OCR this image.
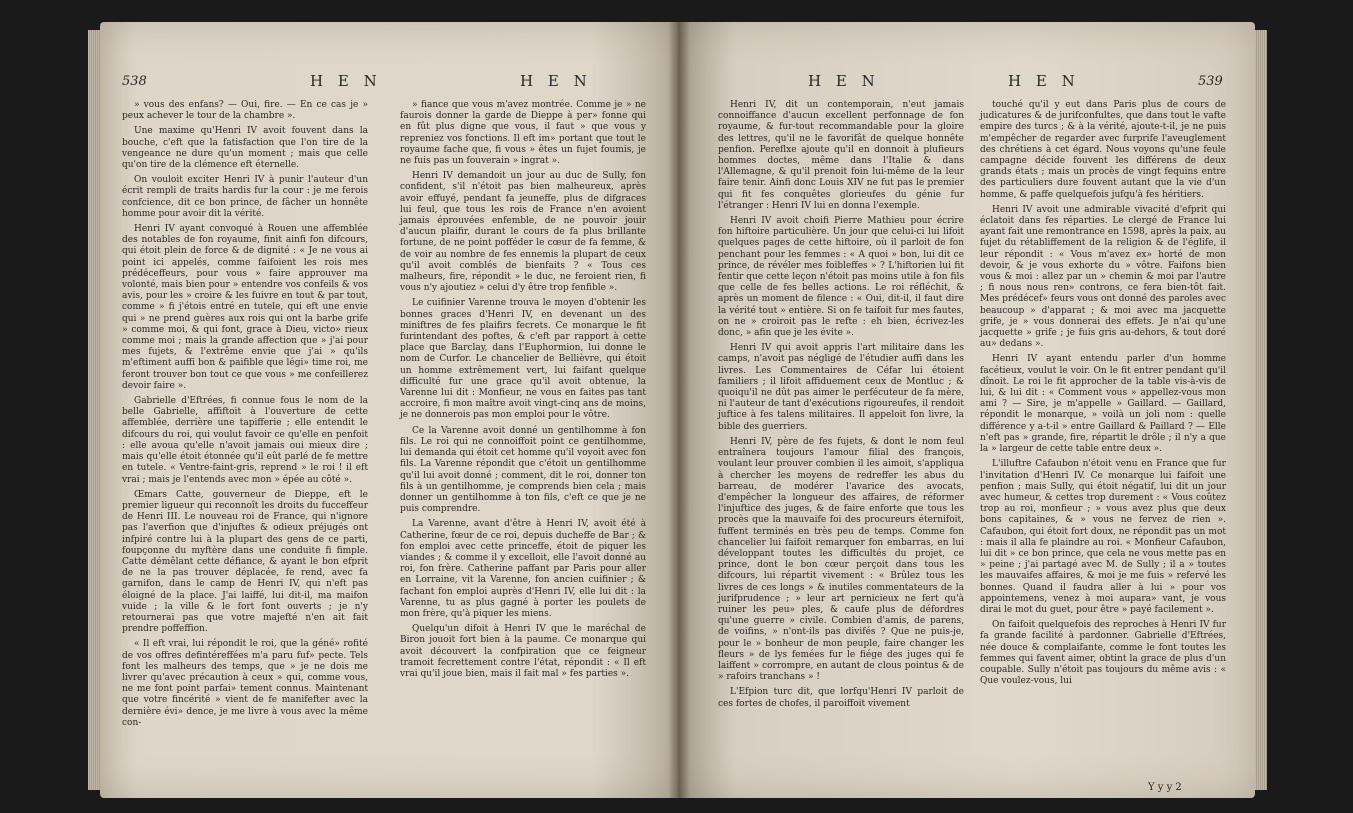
538	H E N	H E N

» vous des enfans? — Oui, fire. — En ce cas je » peux achever le tour de la chambre ».

Une maxime qu'Henri IV avoit fouvent dans la bouche, c'eft que la fatisfaction que l'on tire de la vengeance ne dure qu'un moment ; mais que celle qu'on tire de la clémence eft éternelle.

On vouloit exciter Henri IV à punir l'auteur d'un écrit rempli de traits hardis fur la cour : je me ferois confcience, dit ce bon prince, de fâcher un honnête homme pour avoir dit la vérité.

Henri IV ayant convoqué à Rouen une affemblée des notables de fon royaume, finit ainfi fon difcours, qui étoit plein de force & de dignité : « Je ne vous ai point ici appelés, comme faifoient les rois mes prédéceffeurs, pour vous » faire approuver ma volonté, mais bien pour » entendre vos confeils & vos avis, pour les » croire & les fuivre en tout & par tout, comme » fi j'étois entré en tutele, qui eft une envie qui » ne prend guères aux rois qui ont la barbe grife » comme moi, & qui font, grace à Dieu, victo» rieux comme moi ; mais la grande affection que » j'ai pour mes fujets, & l'extrême envie que j'ai » qu'ils m'eftiment auffi bon & paifible que légi» time roi, me feront trouver bon tout ce que vous » me confeillerez devoir faire ».

Gabrielle d'Eftrées, fi connue fous le nom de la belle Gabrielle, affiftoit à l'ouverture de cette affemblée, derrière une tapifferie ; elle entendit le difcours du roi, qui voulut favoir ce qu'elle en penfoit : elle avoua qu'elle n'avoit jamais oui mieux dire ; mais qu'elle étoit étonnée qu'il eût parlé de fe mettre en tutele. « Ventre-faint-gris, reprend » le roi ! il eft vrai ; mais je l'entends avec mon » épée au côté ».

Œmars Catte, gouverneur de Dieppe, eft le premier ligueur qui reconnoît les droits du fucceffeur de Henri III. Le nouveau roi de France, qui n'ignore pas l'averfion que d'injuftes & odieux préjugés ont infpiré contre lui à la plupart des gens de ce parti, foupçonne du myftère dans une conduite fi fimple. Catte démêlant cette défiance, & ayant le bon efprit de ne la pas trouver déplacée, fe rend, avec fa garnifon, dans le camp de Henri IV, qui n'eft pas éloigné de la place. J'ai laiffé, lui dit-il, ma maifon vuide ; la ville & le fort font ouverts ; je n'y retournerai pas que votre majefté n'en ait fait prendre poffeffion.

« Il eft vrai, lui répondit le roi, que la géné» rofité de vos offres defintéreffées m'a paru fuf» pecte. Tels font les malheurs des temps, que » je ne dois me livrer qu'avec précaution à ceux » qui, comme vous, ne me font point parfai» tement connus. Maintenant que votre fincérité » vient de fe manifefter avec la dernière évi» dence, je me livre à vous avec la même con-

» fiance que vous m'avez montrée. Comme je » ne faurois donner la garde de Dieppe à per» fonne qui en fût plus digne que vous, il faut » que vous y repreniez vos fonctions. Il eft im» portant que tout le royaume fache que, fi vous » êtes un fujet foumis, je ne fuis pas un fouverain » ingrat ».

Henri IV demandoit un jour au duc de Sully, fon confident, s'il n'étoit pas bien malheureux, après avoir effuyé, pendant fa jeuneffe, plus de difgraces lui feul, que tous les rois de France n'en avoient jamais éprouvées enfemble, de ne pouvoir jouir d'aucun plaifir, durant le cours de fa plus brillante fortune, de ne point pofféder le cœur de fa femme, & de voir au nombre de fes ennemis la plupart de ceux qu'il avoit comblés de bienfaits ? « Tous ces malheurs, fire, répondit » le duc, ne feroient rien, fi vous n'y ajoutiez » celui d'y être trop fenfible ».

Le cuifinier Varenne trouva le moyen d'obtenir les bonnes graces d'Henri IV, en devenant un des miniftres de fes plaifirs fecrets. Ce monarque le fit furintendant des poftes, & c'eft par rapport à cette place que Barclay, dans l'Euphormion, lui donne le nom de Curfor. Le chancelier de Bellièvre, qui étoit un homme extrêmement vert, lui faifant quelque difficulté fur une grace qu'il avoit obtenue, la Varenne lui dit : Monfieur, ne vous en faites pas tant accroire, fi mon maître avoit vingt-cinq ans de moins, je ne donnerois pas mon emploi pour le vôtre.

Ce la Varenne avoit donné un gentilhomme à fon fils. Le roi qui ne connoiffoit point ce gentilhomme, lui demanda qui étoit cet homme qu'il voyoit avec fon fils. La Varenne répondit que c'étoit un gentilhomme qu'il lui avoit donné ; comment, dit le roi, donner ton fils à un gentilhomme, je comprends bien cela ; mais donner un gentilhomme à ton fils, c'eft ce que je ne puis comprendre.

La Varenne, avant d'être à Henri IV, avoit été à Catherine, fœur de ce roi, depuis ducheffe de Bar ; & fon emploi avec cette princeffe, étoit de piquer les viandes ; & comme il y excelloit, elle l'avoit donné au roi, fon frère. Catherine paffant par Paris pour aller en Lorraine, vit la Varenne, fon ancien cuifinier ; & fachant fon emploi auprès d'Henri IV, elle lui dit : la Varenne, tu as plus gagné à porter les poulets de mon frère, qu'à piquer les miens.

Quelqu'un difoit à Henri IV que le maréchal de Biron jouoit fort bien à la paume. Ce monarque qui avoit découvert la confpiration que ce feigneur tramoit fecrettement contre l'état, répondit : « Il eft vrai qu'il joue bien, mais il fait mal » fes parties ».

H E N	H E N	539

Henri IV, dit un contemporain, n'eut jamais connoiffance d'aucun excellent perfonnage de fon royaume, & fur-tout recommandable pour la gloire des lettres, qu'il ne le favorifât de quelque honnête penfion. Pereflxe ajoute qu'il en donnoit à plufieurs hommes doctes, même dans l'Italie & dans l'Allemagne, & qu'il prenoit foin lui-même de la leur faire tenir. Ainfi donc Louis XIV ne fut pas le premier qui fit fes conquêtes glorieufes du génie fur l'étranger : Henri IV lui en donna l'exemple.

Henri IV avoit choifi Pierre Mathieu pour écrire fon hiftoire particulière. Un jour que celui-ci lui lifoit quelques pages de cette hiftoire, où il parloit de fon penchant pour les femmes : « A quoi » bon, lui dit ce prince, de révéler mes foibleffes » ? L'hiftorien lui fit fentir que cette leçon n'étoit pas moins utile à fon fils que celle de fes belles actions. Le roi réfléchit, & après un moment de filence : « Oui, dit-il, il faut dire la vérité tout » entière. Si on fe taifoit fur mes fautes, on ne » croiroit pas le refte : eh bien, écrivez-les donc, » afin que je les évite ».

Henri IV qui avoit appris l'art militaire dans les camps, n'avoit pas négligé de l'étudier auffi dans les livres. Les Commentaires de Céfar lui étoient familiers ; il lifoit affiduement ceux de Montluc ; & quoiqu'il ne dût pas aimer le perfécuteur de fa mère, ni l'auteur de tant d'exécutions rigoureufes, il rendoit juftice à fes talens militaires. Il appeloit fon livre, la bible des guerriers.

Henri IV, père de fes fujets, & dont le nom feul entraînera toujours l'amour filial des françois, voulant leur prouver combien il les aimoit, s'appliqua à chercher les moyens de redreffer les abus du barreau, de modérer l'avarice des avocats, d'empêcher la longueur des affaires, de réformer l'injuftice des juges, & de faire enforte que tous les procès que la mauvaife foi des procureurs éternifoit, fuffent terminés en très peu de temps. Comme fon chancelier lui faifoit remarquer fon embarras, en lui développant toutes les difficultés du projet, ce prince, dont le bon cœur perçoit dans tous les difcours, lui répartit vivement : « Brûlez tous les livres de ces longs » & inutiles commentateurs de la jurifprudence ; » leur art pernicieux ne fert qu'à ruiner les peu» ples, & caufe plus de défordres qu'une guerre » civile. Combien d'amis, de parens, de voifins, » n'ont-ils pas divifés ? Que ne puis-je, pour le » bonheur de mon peuple, faire changer les fleurs » de lys femées fur le fiége des juges qui fe laiffent » corrompre, en autant de clous pointus & de » rafoirs tranchans » !

L'Efpion turc dit, que lorfqu'Henri IV parloit de ces fortes de chofes, il paroiffoit vivement

touché qu'il y eut dans Paris plus de cours de judicatures & de jurifconfultes, que dans tout le vafte empire des turcs ; & à la vérité, ajoute-t-il, je ne puis m'empêcher de regarder avec furprife l'aveuglement des chrétiens à cet égard. Nous voyons qu'une feule campagne décide fouvent les différens de deux grands états ; mais un procès de vingt fequins entre des particuliers dure fouvent autant que la vie d'un homme, & paffe quelquefois jufqu'à fes héritiers.

Henri IV avoit une admirable vivacité d'efprit qui éclatoit dans fes réparties. Le clergé de France lui ayant fait une remontrance en 1598, après la paix, au fujet du rétabliffement de la religion & de l'églife, il leur répondit : « Vous m'avez ex» horté de mon devoir, & je vous exhorte du » vôtre. Faifons bien vous & moi : allez par un » chemin & moi par l'autre ; fi nous nous ren» controns, ce fera bien-tôt fait. Mes prédécef» feurs vous ont donné des paroles avec beaucoup » d'apparat ; & moi avec ma jacquette grife, je » vous donnerai des effets. Je n'ai qu'une jacquette » grife ; je fuis gris au-dehors, & tout doré au» dedans ».

Henri IV ayant entendu parler d'un homme facétieux, voulut le voir. On le fit entrer pendant qu'il dînoit. Le roi le fit approcher de la table vis-à-vis de lui, & lui dit : « Comment vous » appellez-vous mon ami ? — Sire, je m'appelle » Gaillard. — Gaillard, répondit le monarque, » voilà un joli nom : quelle différence y a-t-il » entre Gaillard & Paillard ? — Elle n'eft pas » grande, fire, répartit le drôle ; il n'y a que la » largeur de cette table entre deux ».

L'illuftre Cafaubon n'étoit venu en France que fur l'invitation d'Henri IV. Ce monarque lui faifoit une penfion ; mais Sully, qui étoit négatif, lui dit un jour avec humeur, & cettes trop durement : « Vous coûtez trop au roi, monfieur ; » vous avez plus que deux bons capitaines, & » vous ne fervez de rien ». Cafaubon, qui étoit fort doux, ne répondit pas un mot : mais il alla fe plaindre au roi. « Monfieur Cafaubon, lui dit » ce bon prince, que cela ne vous mette pas en » peine ; j'ai partagé avec M. de Sully ; il a » toutes les mauvaifes affaires, & moi je me fuis » refervé les bonnes. Quand il faudra aller à lui » pour vos appointemens, venez à moi aupara» vant, je vous dirai le mot du guet, pour être » payé facilement ».

On faifoit quelquefois des reproches à Henri IV fur fa grande facilité à pardonner. Gabrielle d'Eftrées, née douce & complaifante, comme le font toutes les femmes qui favent aimer, obtint la grace de plus d'un coupable. Sully n'étoit pas toujours du même avis : « Que voulez-vous, lui

Y y y 2
